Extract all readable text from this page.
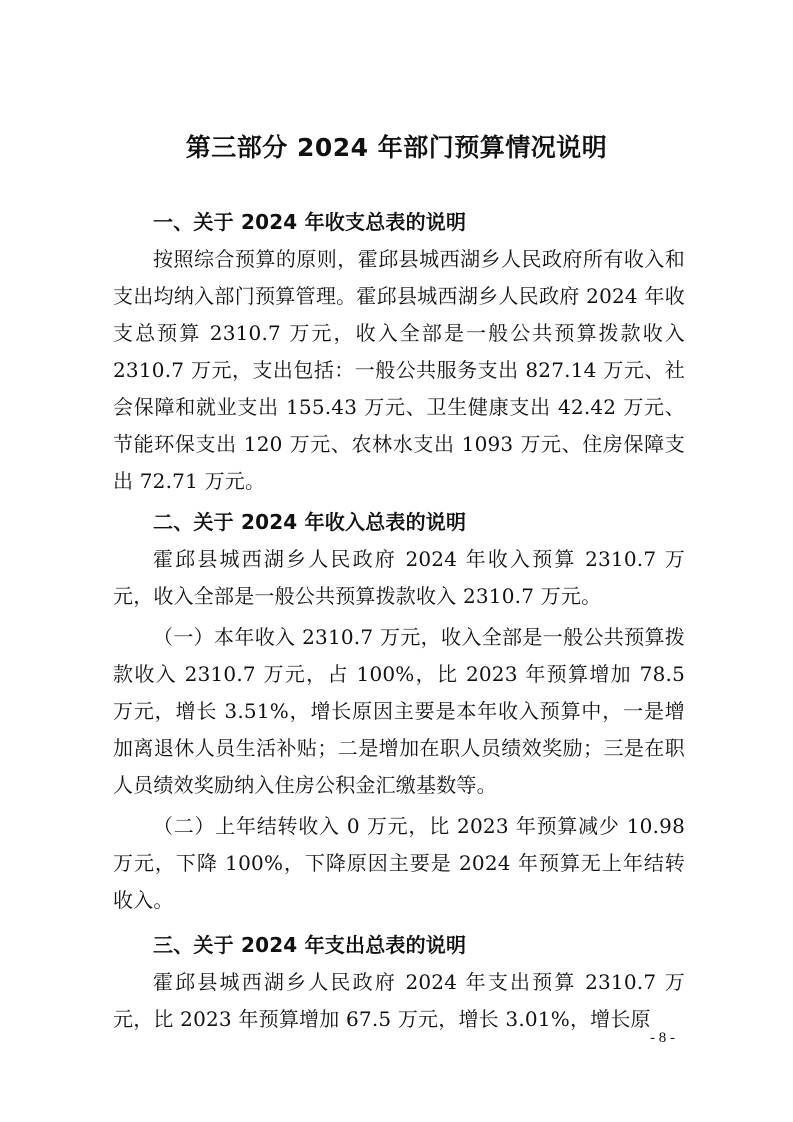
第三部分 2024 年部门预算情况说明
一、关于 2024 年收支总表的说明

按照综合预算的原则，霍邱县城西湖乡人民政府所有收入和支出均纳入部门预算管理。霍邱县城西湖乡人民政府 2024 年收支总预算 2310.7 万元，收入全部是一般公共预算拨款收入 2310.7 万元，支出包括：一般公共服务支出 827.14 万元、社会保障和就业支出 155.43 万元、卫生健康支出 42.42 万元、节能环保支出 120 万元、农林水支出 1093 万元、住房保障支出 72.71 万元。

二、关于 2024 年收入总表的说明

霍邱县城西湖乡人民政府 2024 年收入预算 2310.7 万元，收入全部是一般公共预算拨款收入 2310.7 万元。

（一）本年收入 2310.7 万元，收入全部是一般公共预算拨款收入 2310.7 万元，占 100%，比 2023 年预算增加 78.5 万元，增长 3.51%，增长原因主要是本年收入预算中，一是增加离退休人员生活补贴；二是增加在职人员绩效奖励；三是在职人员绩效奖励纳入住房公积金汇缴基数等。

（二）上年结转收入 0 万元，比 2023 年预算减少 10.98 万元，下降 100%，下降原因主要是 2024 年预算无上年结转收入。

三、关于 2024 年支出总表的说明

霍邱县城西湖乡人民政府 2024 年支出预算 2310.7 万元，比 2023 年预算增加 67.5 万元，增长 3.01%，增长原

- 8 -
